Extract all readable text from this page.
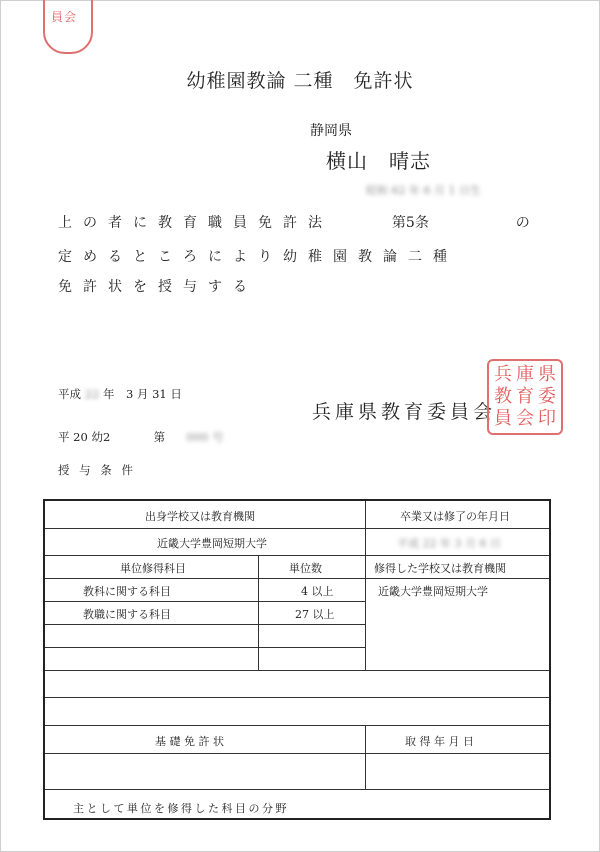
員会
幼稚園教論 二種　免許状
静岡県
横山　晴志
昭和 62 年 6 月 1 日生
上の者に教育職員免許法	第5条	の
定めるところにより幼稚園教論二種
免許状を授与する
平成 22 年　3 月 31 日
兵庫県教育委員会
兵 庫 県
教 育 委
員 会 印
平 20 幼2	第 000 号
授 与 条 件
出身学校又は教育機関	卒業又は修了の年月日
近畿大学豊岡短期大学	平成 22 年 3 月 6 日
単位修得科目	単位数	修得した学校又は教育機関
教科に関する科目	4 以上
教職に関する科目	27 以上
近畿大学豊岡短期大学
基 礎 免 許 状	取 得 年 月 日
主として単位を修得した科目の分野
